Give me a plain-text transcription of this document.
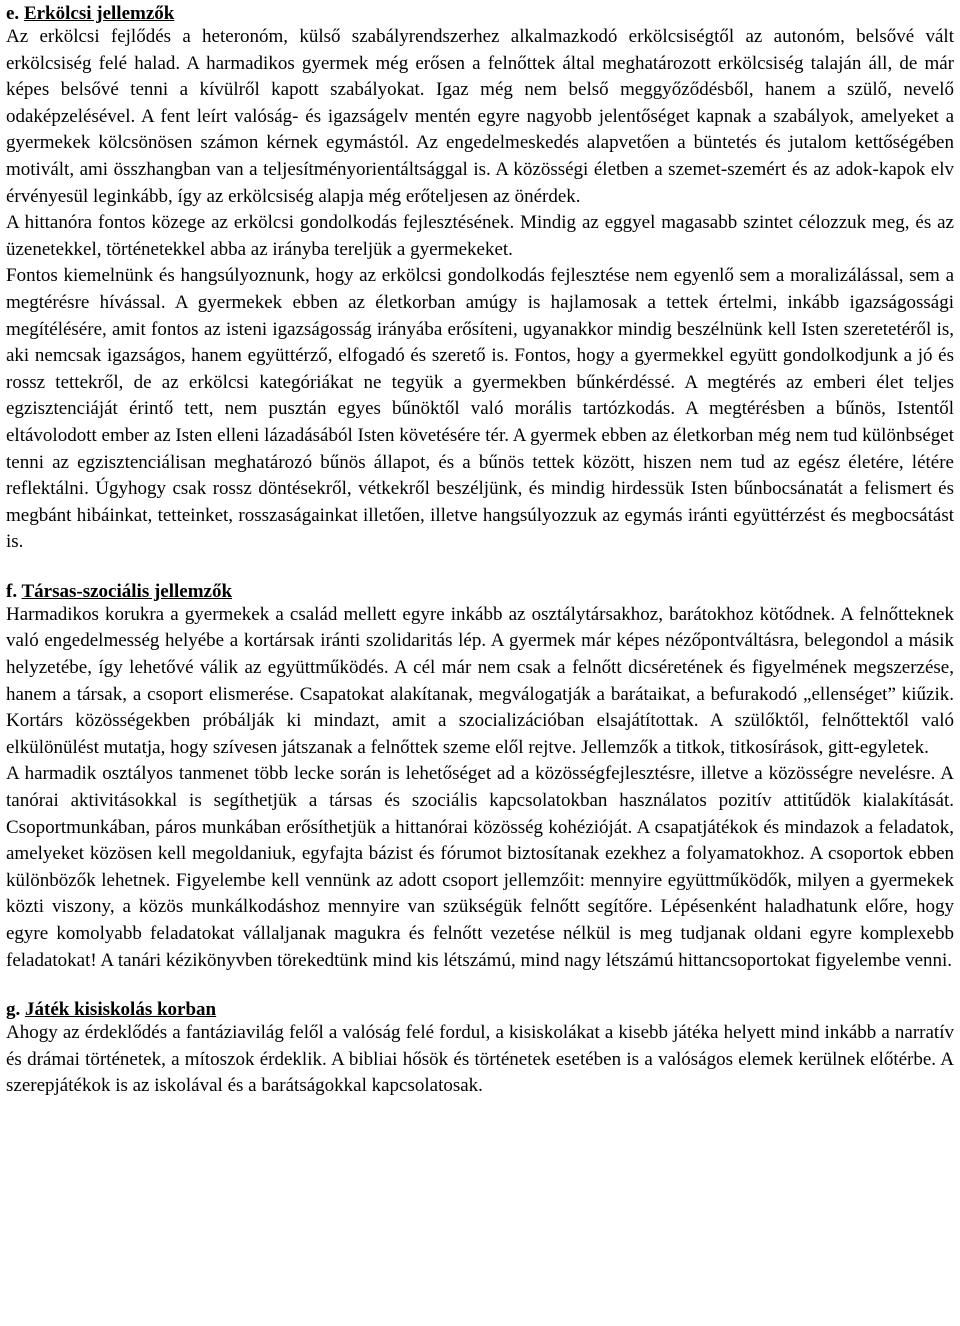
e. Erkölcsi jellemzők

Az erkölcsi fejlődés a heteronóm, külső szabályrendszerhez alkalmazkodó erkölcsiségtől az autonóm, belsővé vált erkölcsiség felé halad. A harmadikos gyermek még erősen a felnőttek által meghatározott erkölcsiség talaján áll, de már képes belsővé tenni a kívülről kapott szabályokat. Igaz még nem belső meggyőződésből, hanem a szülő, nevelő odaképzelésével. A fent leírt valóság- és igazságelv mentén egyre nagyobb jelentőséget kapnak a szabályok, amelyeket a gyermekek kölcsönösen számon kérnek egymástól. Az engedelmeskedés alapvetően a büntetés és jutalom kettőségében motivált, ami összhangban van a teljesítményorientáltsággal is. A közösségi életben a szemet-szemért és az adok-kapok elv érvényesül leginkább, így az erkölcsiség alapja még erőteljesen az önérdek.

A hittanóra fontos közege az erkölcsi gondolkodás fejlesztésének. Mindig az eggyel magasabb szintet célozzuk meg, és az üzenetekkel, történetekkel abba az irányba tereljük a gyermekeket.

Fontos kiemelnünk és hangsúlyoznunk, hogy az erkölcsi gondolkodás fejlesztése nem egyenlő sem a moralizálással, sem a megtérésre hívással. A gyermekek ebben az életkorban amúgy is hajlamosak a tettek értelmi, inkább igazságossági megítélésére, amit fontos az isteni igazságosság irányába erősíteni, ugyanakkor mindig beszélnünk kell Isten szeretetéről is, aki nemcsak igazságos, hanem együttérző, elfogadó és szerető is. Fontos, hogy a gyermekkel együtt gondolkodjunk a jó és rossz tettekről, de az erkölcsi kategóriákat ne tegyük a gyermekben bűnkérdéssé. A megtérés az emberi élet teljes egzisztenciáját érintő tett, nem pusztán egyes bűnöktől való morális tartózkodás. A megtérésben a bűnös, Istentől eltávolodott ember az Isten elleni lázadásából Isten követésére tér. A gyermek ebben az életkorban még nem tud különbséget tenni az egzisztenciálisan meghatározó bűnös állapot, és a bűnös tettek között, hiszen nem tud az egész életére, létére reflektálni. Úgyhogy csak rossz döntésekről, vétkekről beszéljünk, és mindig hirdessük Isten bűnbocsánatát a felismert és megbánt hibáinkat, tetteinket, rosszaságainkat illetően, illetve hangsúlyozzuk az egymás iránti együttérzést és megbocsátást is.

f. Társas-szociális jellemzők

Harmadikos korukra a gyermekek a család mellett egyre inkább az osztálytársakhoz, barátokhoz kötődnek. A felnőtteknek való engedelmesség helyébe a kortársak iránti szolidaritás lép. A gyermek már képes nézőpontváltásra, belegondol a másik helyzetébe, így lehetővé válik az együttműködés. A cél már nem csak a felnőtt dicséretének és figyelmének megszerzése, hanem a társak, a csoport elismerése. Csapatokat alakítanak, megválogatják a barátaikat, a befurakodó „ellenséget” kiűzik. Kortárs közösségekben próbálják ki mindazt, amit a szocializációban elsajátítottak. A szülőktől, felnőttektől való elkülönülést mutatja, hogy szívesen játszanak a felnőttek szeme elől rejtve. Jellemzők a titkok, titkosírások, gitt-egyletek.

A harmadik osztályos tanmenet több lecke során is lehetőséget ad a közösségfejlesztésre, illetve a közösségre nevelésre. A tanórai aktivitásokkal is segíthetjük a társas és szociális kapcsolatokban használatos pozitív attitűdök kialakítását. Csoportmunkában, páros munkában erősíthetjük a hittanórai közösség kohézióját. A csapatjátékok és mindazok a feladatok, amelyeket közösen kell megoldaniuk, egyfajta bázist és fórumot biztosítanak ezekhez a folyamatokhoz. A csoportok ebben különbözők lehetnek. Figyelembe kell vennünk az adott csoport jellemzőit: mennyire együttműködők, milyen a gyermekek közti viszony, a közös munkálkodáshoz mennyire van szükségük felnőtt segítőre. Lépésenként haladhatunk előre, hogy egyre komolyabb feladatokat vállaljanak magukra és felnőtt vezetése nélkül is meg tudjanak oldani egyre komplexebb feladatokat! A tanári kézikönyvben törekedtünk mind kis létszámú, mind nagy létszámú hittancsoportokat figyelembe venni.

g. Játék kisiskolás korban

Ahogy az érdeklődés a fantáziavilág felől a valóság felé fordul, a kisiskolákat a kisebb játéka helyett mind inkább a narratív és drámai történetek, a mítoszok érdeklik. A bibliai hősök és történetek esetében is a valóságos elemek kerülnek előtérbe. A szerepjátékok is az iskolával és a barátságokkal kapcsolatosak.
